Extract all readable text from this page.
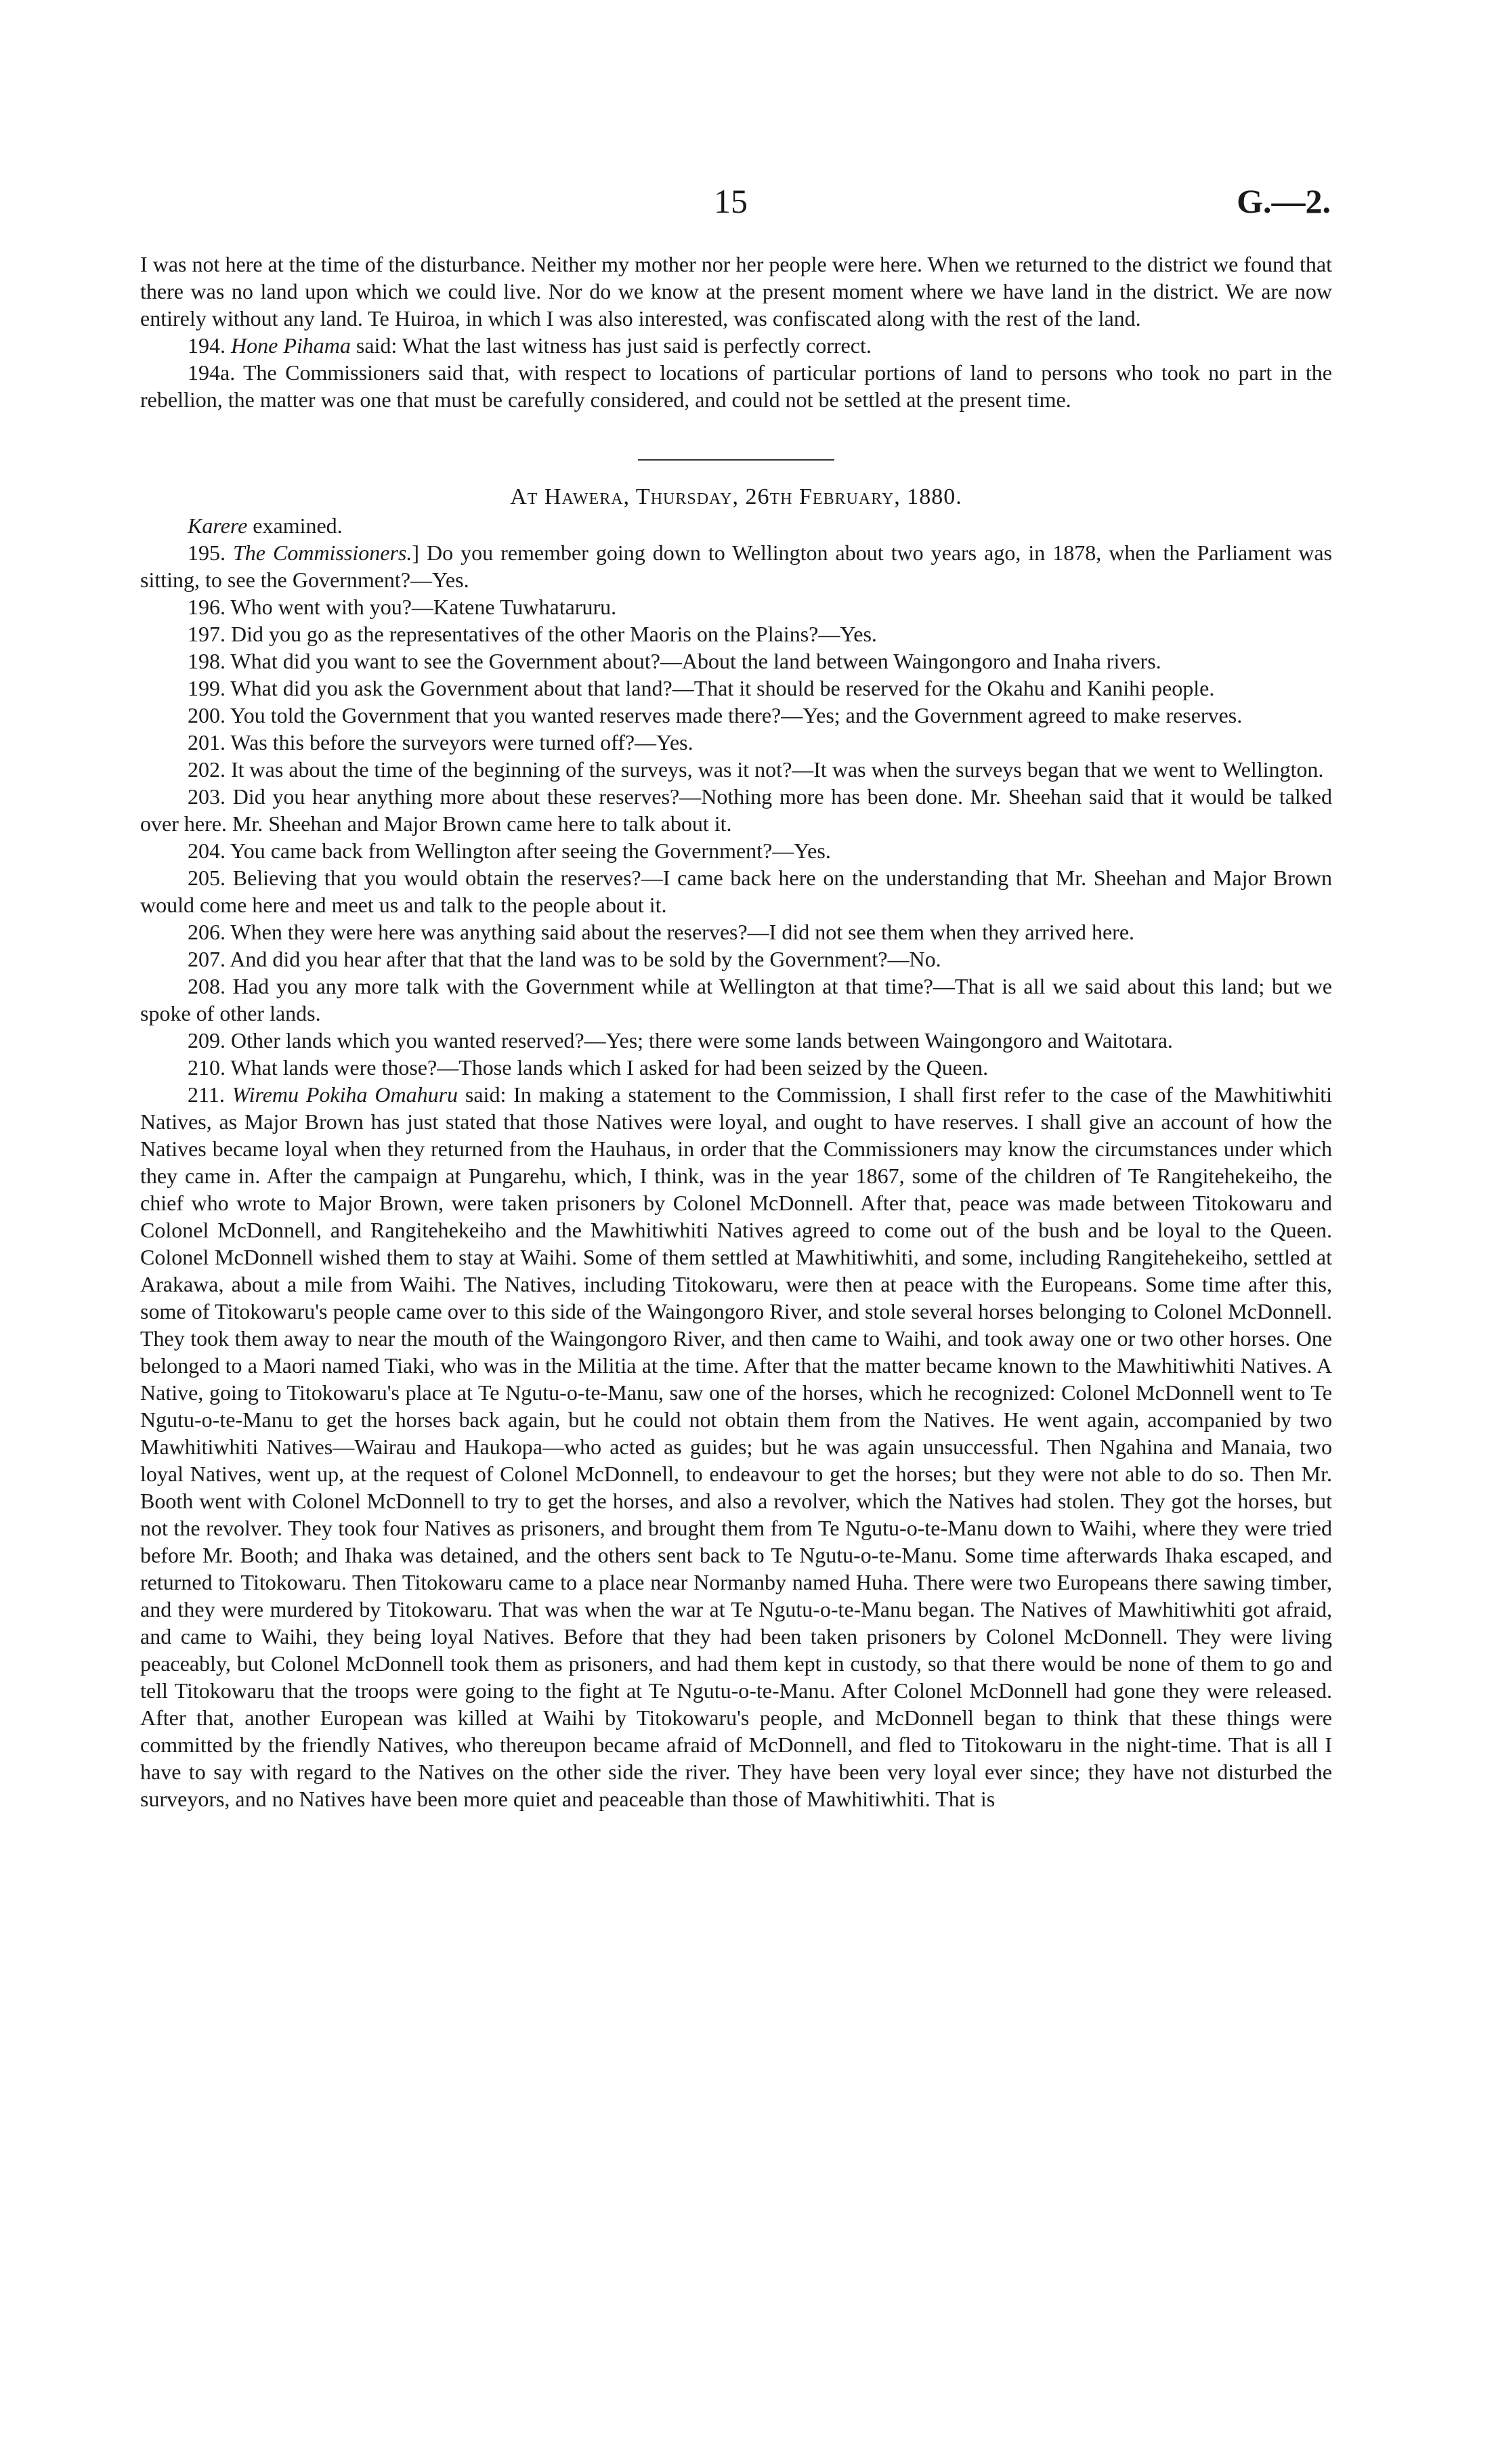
15	G.—2.

I was not here at the time of the disturbance. Neither my mother nor her people were here. When we returned to the district we found that there was no land upon which we could live. Nor do we know at the present moment where we have land in the district. We are now entirely without any land. Te Huiroa, in which I was also interested, was confiscated along with the rest of the land.

194. Hone Pihama said: What the last witness has just said is perfectly correct.

194a. The Commissioners said that, with respect to locations of particular portions of land to persons who took no part in the rebellion, the matter was one that must be carefully considered, and could not be settled at the present time.

At Hawera, Thursday, 26th February, 1880.

Karere examined.

195. The Commissioners.] Do you remember going down to Wellington about two years ago, in 1878, when the Parliament was sitting, to see the Government?—Yes.

196. Who went with you?—Katene Tuwhataruru.

197. Did you go as the representatives of the other Maoris on the Plains?—Yes.

198. What did you want to see the Government about?—About the land between Waingongoro and Inaha rivers.

199. What did you ask the Government about that land?—That it should be reserved for the Okahu and Kanihi people.

200. You told the Government that you wanted reserves made there?—Yes; and the Government agreed to make reserves.

201. Was this before the surveyors were turned off?—Yes.

202. It was about the time of the beginning of the surveys, was it not?—It was when the surveys began that we went to Wellington.

203. Did you hear anything more about these reserves?—Nothing more has been done. Mr. Sheehan said that it would be talked over here. Mr. Sheehan and Major Brown came here to talk about it.

204. You came back from Wellington after seeing the Government?—Yes.

205. Believing that you would obtain the reserves?—I came back here on the understanding that Mr. Sheehan and Major Brown would come here and meet us and talk to the people about it.

206. When they were here was anything said about the reserves?—I did not see them when they arrived here.

207. And did you hear after that that the land was to be sold by the Government?—No.

208. Had you any more talk with the Government while at Wellington at that time?—That is all we said about this land; but we spoke of other lands.

209. Other lands which you wanted reserved?—Yes; there were some lands between Waingongoro and Waitotara.

210. What lands were those?—Those lands which I asked for had been seized by the Queen.

211. Wiremu Pokiha Omahuru said: In making a statement to the Commission, I shall first refer to the case of the Mawhitiwhiti Natives, as Major Brown has just stated that those Natives were loyal, and ought to have reserves. I shall give an account of how the Natives became loyal when they returned from the Hauhaus, in order that the Commissioners may know the circumstances under which they came in. After the campaign at Pungarehu, which, I think, was in the year 1867, some of the children of Te Rangitehekeiho, the chief who wrote to Major Brown, were taken prisoners by Colonel McDonnell. After that, peace was made between Titokowaru and Colonel McDonnell, and Rangitehekeiho and the Mawhitiwhiti Natives agreed to come out of the bush and be loyal to the Queen. Colonel McDonnell wished them to stay at Waihi. Some of them settled at Mawhitiwhiti, and some, including Rangitehekeiho, settled at Arakawa, about a mile from Waihi. The Natives, including Titokowaru, were then at peace with the Europeans. Some time after this, some of Titokowaru's people came over to this side of the Waingongoro River, and stole several horses belonging to Colonel McDonnell. They took them away to near the mouth of the Waingongoro River, and then came to Waihi, and took away one or two other horses. One belonged to a Maori named Tiaki, who was in the Militia at the time. After that the matter became known to the Mawhitiwhiti Natives. A Native, going to Titokowaru's place at Te Ngutu-o-te-Manu, saw one of the horses, which he recognized: Colonel McDonnell went to Te Ngutu-o-te-Manu to get the horses back again, but he could not obtain them from the Natives. He went again, accompanied by two Mawhitiwhiti Natives—Wairau and Haukopa—who acted as guides; but he was again unsuccessful. Then Ngahina and Manaia, two loyal Natives, went up, at the request of Colonel McDonnell, to endeavour to get the horses; but they were not able to do so. Then Mr. Booth went with Colonel McDonnell to try to get the horses, and also a revolver, which the Natives had stolen. They got the horses, but not the revolver. They took four Natives as prisoners, and brought them from Te Ngutu-o-te-Manu down to Waihi, where they were tried before Mr. Booth; and Ihaka was detained, and the others sent back to Te Ngutu-o-te-Manu. Some time afterwards Ihaka escaped, and returned to Titokowaru. Then Titokowaru came to a place near Normanby named Huha. There were two Europeans there sawing timber, and they were murdered by Titokowaru. That was when the war at Te Ngutu-o-te-Manu began. The Natives of Mawhitiwhiti got afraid, and came to Waihi, they being loyal Natives. Before that they had been taken prisoners by Colonel McDonnell. They were living peaceably, but Colonel McDonnell took them as prisoners, and had them kept in custody, so that there would be none of them to go and tell Titokowaru that the troops were going to the fight at Te Ngutu-o-te-Manu. After Colonel McDonnell had gone they were released. After that, another European was killed at Waihi by Titokowaru's people, and McDonnell began to think that these things were committed by the friendly Natives, who thereupon became afraid of McDonnell, and fled to Titokowaru in the night-time. That is all I have to say with regard to the Natives on the other side the river. They have been very loyal ever since; they have not disturbed the surveyors, and no Natives have been more quiet and peaceable than those of Mawhitiwhiti. That is
